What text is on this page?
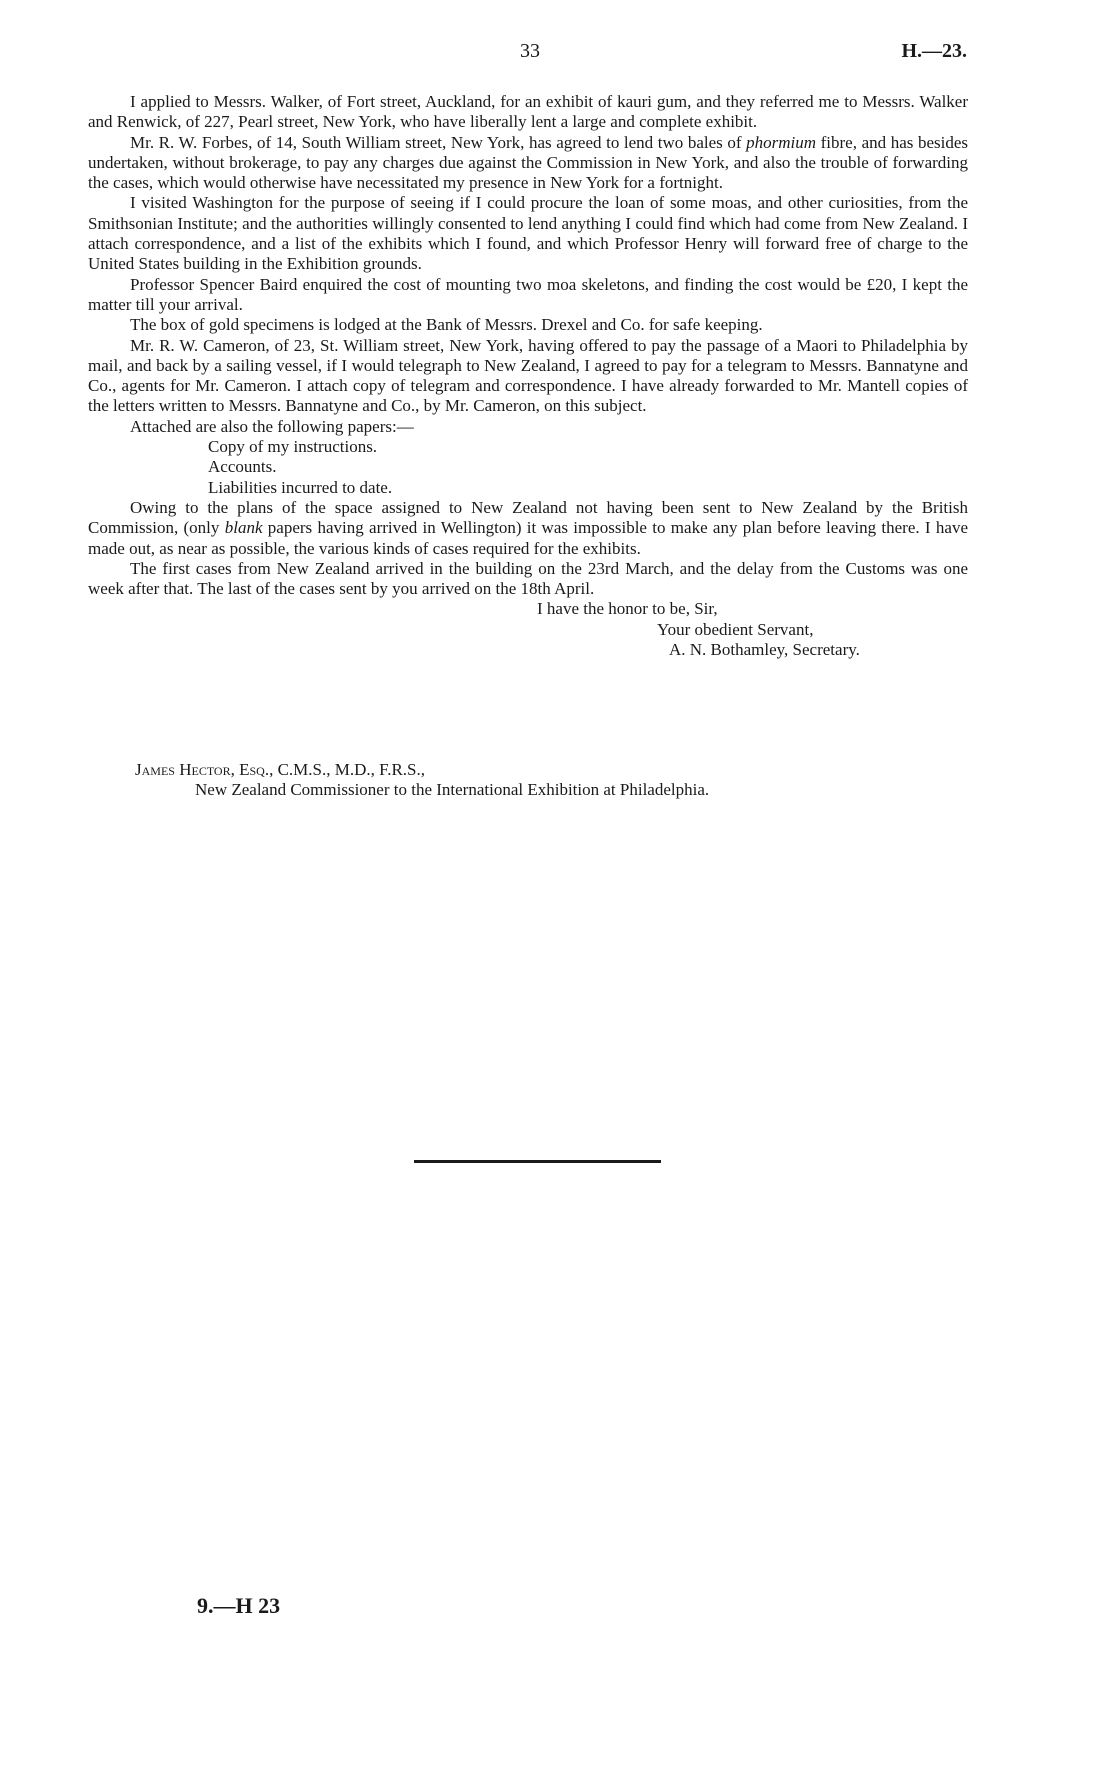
33	H.—23.

I applied to Messrs. Walker, of Fort street, Auckland, for an exhibit of kauri gum, and they referred me to Messrs. Walker and Renwick, of 227, Pearl street, New York, who have liberally lent a large and complete exhibit.

Mr. R. W. Forbes, of 14, South William street, New York, has agreed to lend two bales of phormium fibre, and has besides undertaken, without brokerage, to pay any charges due against the Commission in New York, and also the trouble of forwarding the cases, which would otherwise have necessitated my presence in New York for a fortnight.

I visited Washington for the purpose of seeing if I could procure the loan of some moas, and other curiosities, from the Smithsonian Institute; and the authorities willingly consented to lend anything I could find which had come from New Zealand. I attach correspondence, and a list of the exhibits which I found, and which Professor Henry will forward free of charge to the United States building in the Exhibition grounds.

Professor Spencer Baird enquired the cost of mounting two moa skeletons, and finding the cost would be £20, I kept the matter till your arrival.

The box of gold specimens is lodged at the Bank of Messrs. Drexel and Co. for safe keeping.

Mr. R. W. Cameron, of 23, St. William street, New York, having offered to pay the passage of a Maori to Philadelphia by mail, and back by a sailing vessel, if I would telegraph to New Zealand, I agreed to pay for a telegram to Messrs. Bannatyne and Co., agents for Mr. Cameron. I attach copy of telegram and correspondence. I have already forwarded to Mr. Mantell copies of the letters written to Messrs. Bannatyne and Co., by Mr. Cameron, on this subject.

Attached are also the following papers:—

Copy of my instructions.
Accounts.
Liabilities incurred to date.

Owing to the plans of the space assigned to New Zealand not having been sent to New Zealand by the British Commission, (only blank papers having arrived in Wellington) it was impossible to make any plan before leaving there. I have made out, as near as possible, the various kinds of cases required for the exhibits.

The first cases from New Zealand arrived in the building on the 23rd March, and the delay from the Customs was one week after that. The last of the cases sent by you arrived on the 18th April.

I have the honor to be, Sir,
Your obedient Servant,
A. N. Bothamley, Secretary.
James Hector, Esq., C.M.S., M.D., F.R.S.,
New Zealand Commissioner to the International Exhibition at Philadelphia.
9.—H 23
